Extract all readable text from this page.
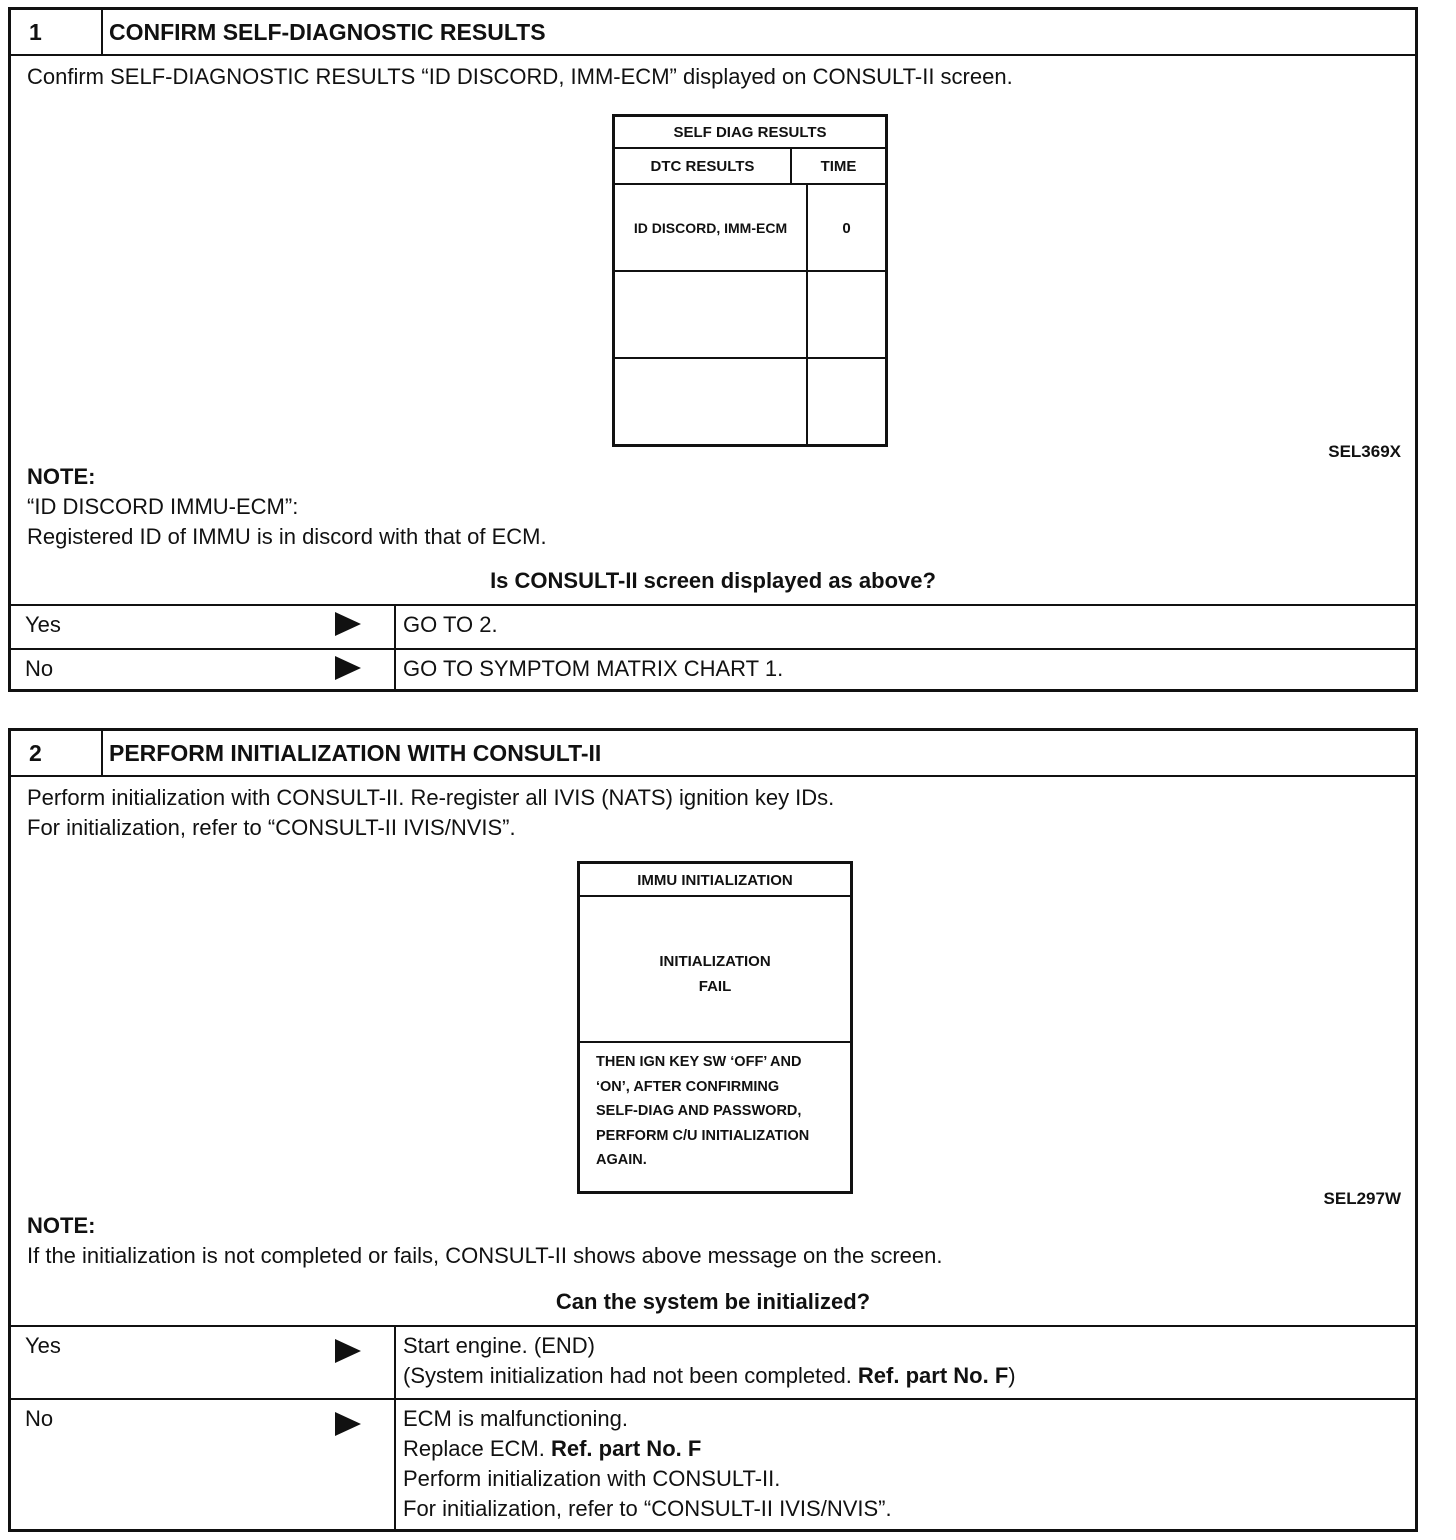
1	CONFIRM SELF-DIAGNOSTIC RESULTS
Confirm SELF-DIAGNOSTIC RESULTS “ID DISCORD, IMM-ECM” displayed on CONSULT-II screen.
SELF DIAG RESULTS
DTC RESULTS	TIME
ID DISCORD, IMM-ECM	0
SEL369X
NOTE:
“ID DISCORD IMMU-ECM”:
Registered ID of IMMU is in discord with that of ECM.
Is CONSULT-II screen displayed as above?
Yes	GO TO 2.
No	GO TO SYMPTOM MATRIX CHART 1.
2	PERFORM INITIALIZATION WITH CONSULT-II
Perform initialization with CONSULT-II. Re-register all IVIS (NATS) ignition key IDs.
For initialization, refer to “CONSULT-II IVIS/NVIS”.
IMMU INITIALIZATION
INITIALIZATION
FAIL
THEN IGN KEY SW ‘OFF’ AND
‘ON’, AFTER CONFIRMING
SELF-DIAG AND PASSWORD,
PERFORM C/U INITIALIZATION
AGAIN.
SEL297W
NOTE:
If the initialization is not completed or fails, CONSULT-II shows above message on the screen.
Can the system be initialized?
Yes	Start engine. (END)
(System initialization had not been completed. Ref. part No. F)
No	ECM is malfunctioning.
Replace ECM. Ref. part No. F
Perform initialization with CONSULT-II.
For initialization, refer to “CONSULT-II IVIS/NVIS”.
